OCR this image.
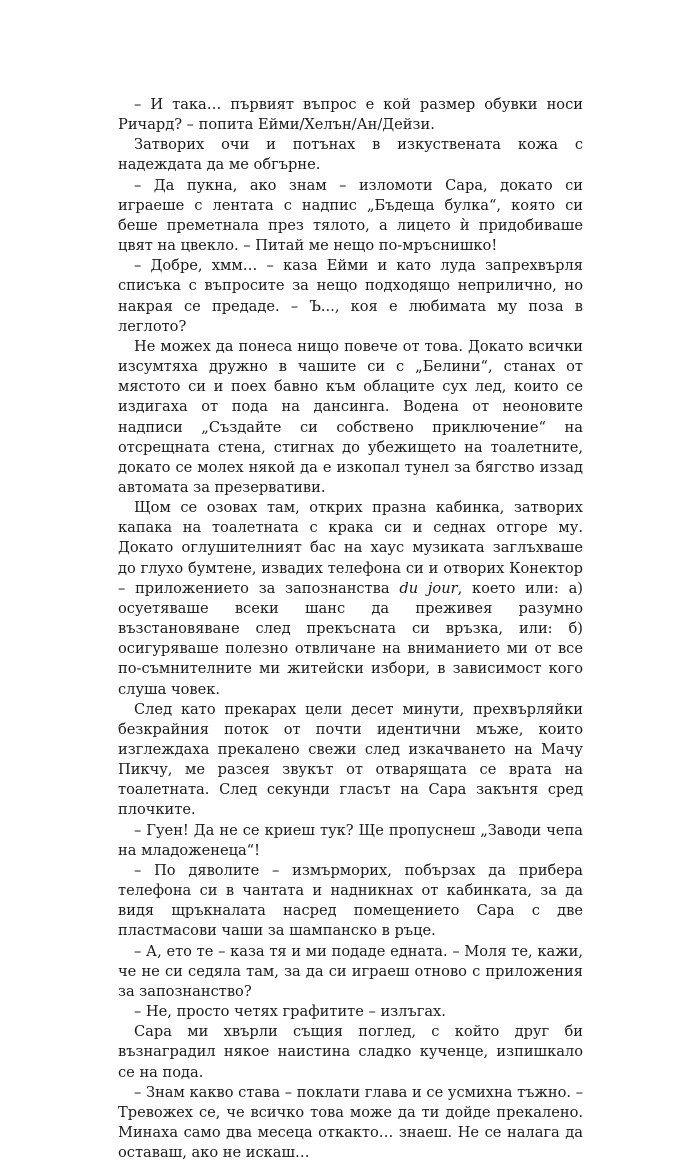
– И така… първият въпрос е кой размер обувки носи Ричард? – попита Ейми/Хелън/Ан/Дейзи.

Затворих очи и потънах в изкуствената кожа с надеждата да ме обгърне.

– Да пукна, ако знам – изломоти Сара, докато си играеше с лентата с надпис „Бъдеща булка“, която си беше преметнала през тялото, а лицето ѝ придобиваше цвят на цвекло. – Питай ме нещо по-мръснишко!

– Добре, хмм… – каза Ейми и като луда запрехвърля списъка с въпросите за нещо подходящо неприлично, но накрая се предаде. – Ъ..., коя е любимата му поза в леглото?

Не можех да понеса нищо повече от това. Докато всички изсумтяха дружно в чашите си с „Белини“, станах от мястото си и поех бавно към облаците сух лед, които се издигаха от пода на дансинга. Водена от неоновите надписи „Създайте си собствено приключение“ на отсрещната стена, стигнах до убежището на тоалетните, докато се молех някой да е изкопал тунел за бягство иззад автомата за презервативи.

Щом се озовах там, открих празна кабинка, затворих капака на тоалетната с крака си и седнах отгоре му. Докато оглушителният бас на хаус музиката заглъхваше до глухо бумтене, извадих телефона си и отворих Конектор – приложението за запознанства du jour, което или: а) осуетяваше всеки шанс да преживея разумно възстановяване след прекъсната си връзка, или: б) осигуряваше полезно отвличане на вниманието ми от все по-съмнителните ми житейски избори, в зависимост кого слуша човек.

След като прекарах цели десет минути, прехвърляйки безкрайния поток от почти идентични мъже, които изглеждаха прекалено свежи след изкачването на Мачу Пикчу, ме разсея звукът от отварящата се врата на тоалетната. След секунди гласът на Сара закънтя сред плочките.

– Гуен! Да не се криеш тук? Ще пропуснеш „Заводи чепа на младоженеца“!

– По дяволите – измърморих, побързах да прибера телефона си в чантата и надникнах от кабинката, за да видя щръкналата насред помещението Сара с две пластмасови чаши за шампанско в ръце.

– А, ето те – каза тя и ми подаде едната. – Моля те, кажи, че не си седяла там, за да си играеш отново с приложения за запознанство?

– Не, просто четях графитите – излъгах.

Сара ми хвърли същия поглед, с който друг би възнаградил някое наистина сладко кученце, изпишкало се на пода.

– Знам какво става – поклати глава и се усмихна тъжно. – Тревожех се, че всичко това може да ти дойде прекалено. Минаха само два месеца откакто… знаеш. Не се налага да оставаш, ако не искаш…
